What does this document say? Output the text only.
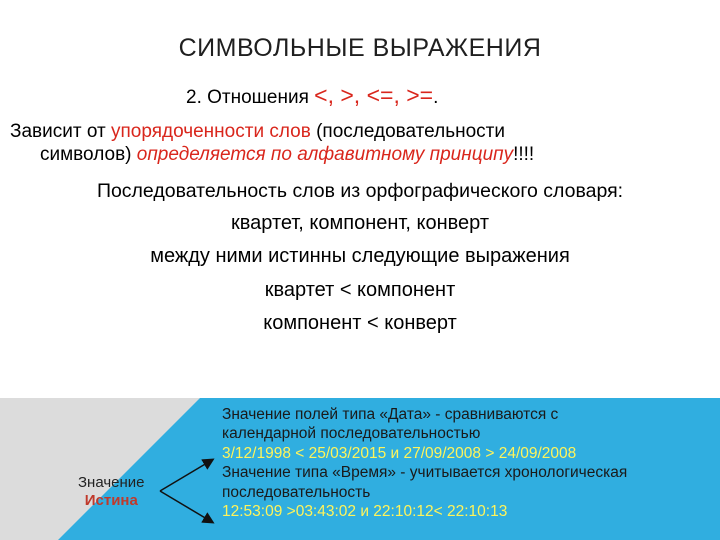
СИМВОЛЬНЫЕ ВЫРАЖЕНИЯ
2. Отношения <, >, <=, >=.
Зависит от упорядоченности слов (последовательности
символов) определяется по алфавитному принципу!!!!
Последовательность слов из орфографического словаря:
квартет, компонент, конверт
между ними истинны следующие выражения
квартет < компонент
компонент < конверт
Значение
Истина
Значение полей типа «Дата» - сравниваются с
календарной последовательностью
3/12/1998 < 25/03/2015 и 27/09/2008 > 24/09/2008
Значение типа «Время» - учитывается хронологическая
последовательность
12:53:09 >03:43:02 и 22:10:12< 22:10:13
